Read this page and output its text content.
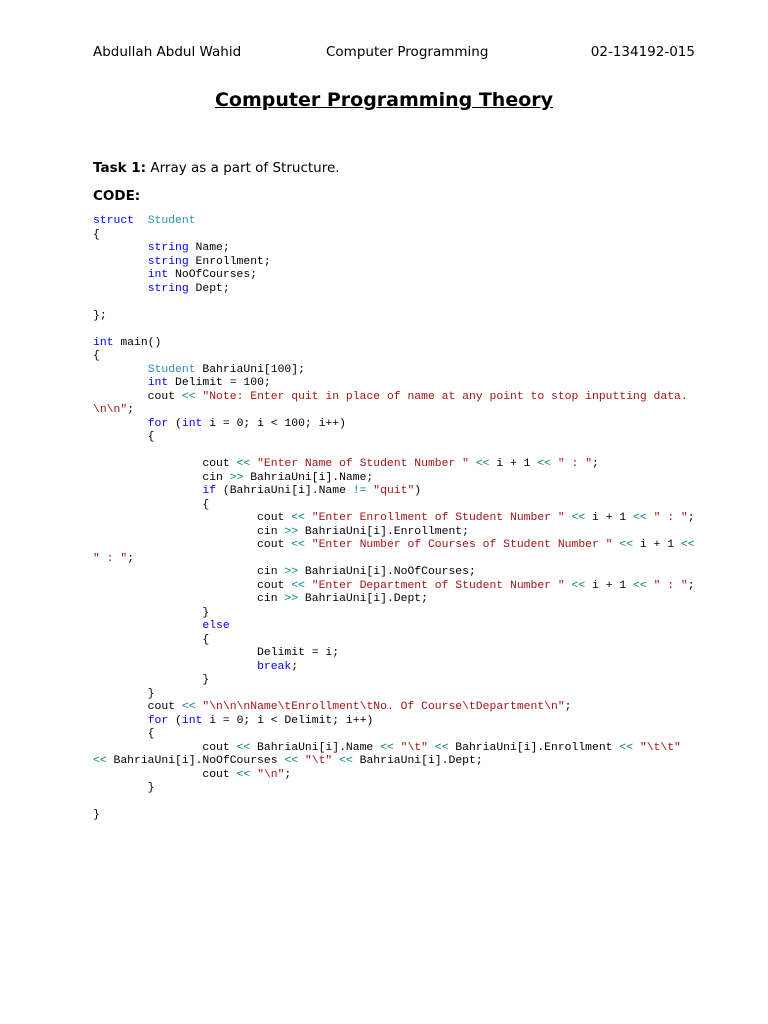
Abdullah Abdul Wahid	Computer Programming	02-134192-015
Computer Programming Theory
Task 1: Array as a part of Structure.
CODE:
struct Student
{
string Name;
string Enrollment;
int NoOfCourses;
string Dept;
};
int main()
{
Student BahriaUni[100];
int Delimit = 100;
cout << "Note: Enter quit in place of name at any point to stop inputting data.
\n\n";
for (int i = 0; i < 100; i++)
{
cout << "Enter Name of Student Number " << i + 1 << " : ";
cin >> BahriaUni[i].Name;
if (BahriaUni[i].Name != "quit")
{
cout << "Enter Enrollment of Student Number " << i + 1 << " : ";
cin >> BahriaUni[i].Enrollment;
cout << "Enter Number of Courses of Student Number " << i + 1 <<
" : ";
cin >> BahriaUni[i].NoOfCourses;
cout << "Enter Department of Student Number " << i + 1 << " : ";
cin >> BahriaUni[i].Dept;
}
else
{
Delimit = i;
break;
}
}
cout << "\n\n\nName\tEnrollment\tNo. Of Course\tDepartment\n";
for (int i = 0; i < Delimit; i++)
{
cout << BahriaUni[i].Name << "\t" << BahriaUni[i].Enrollment << "\t\t"
<< BahriaUni[i].NoOfCourses << "\t" << BahriaUni[i].Dept;
cout << "\n";
}
}
